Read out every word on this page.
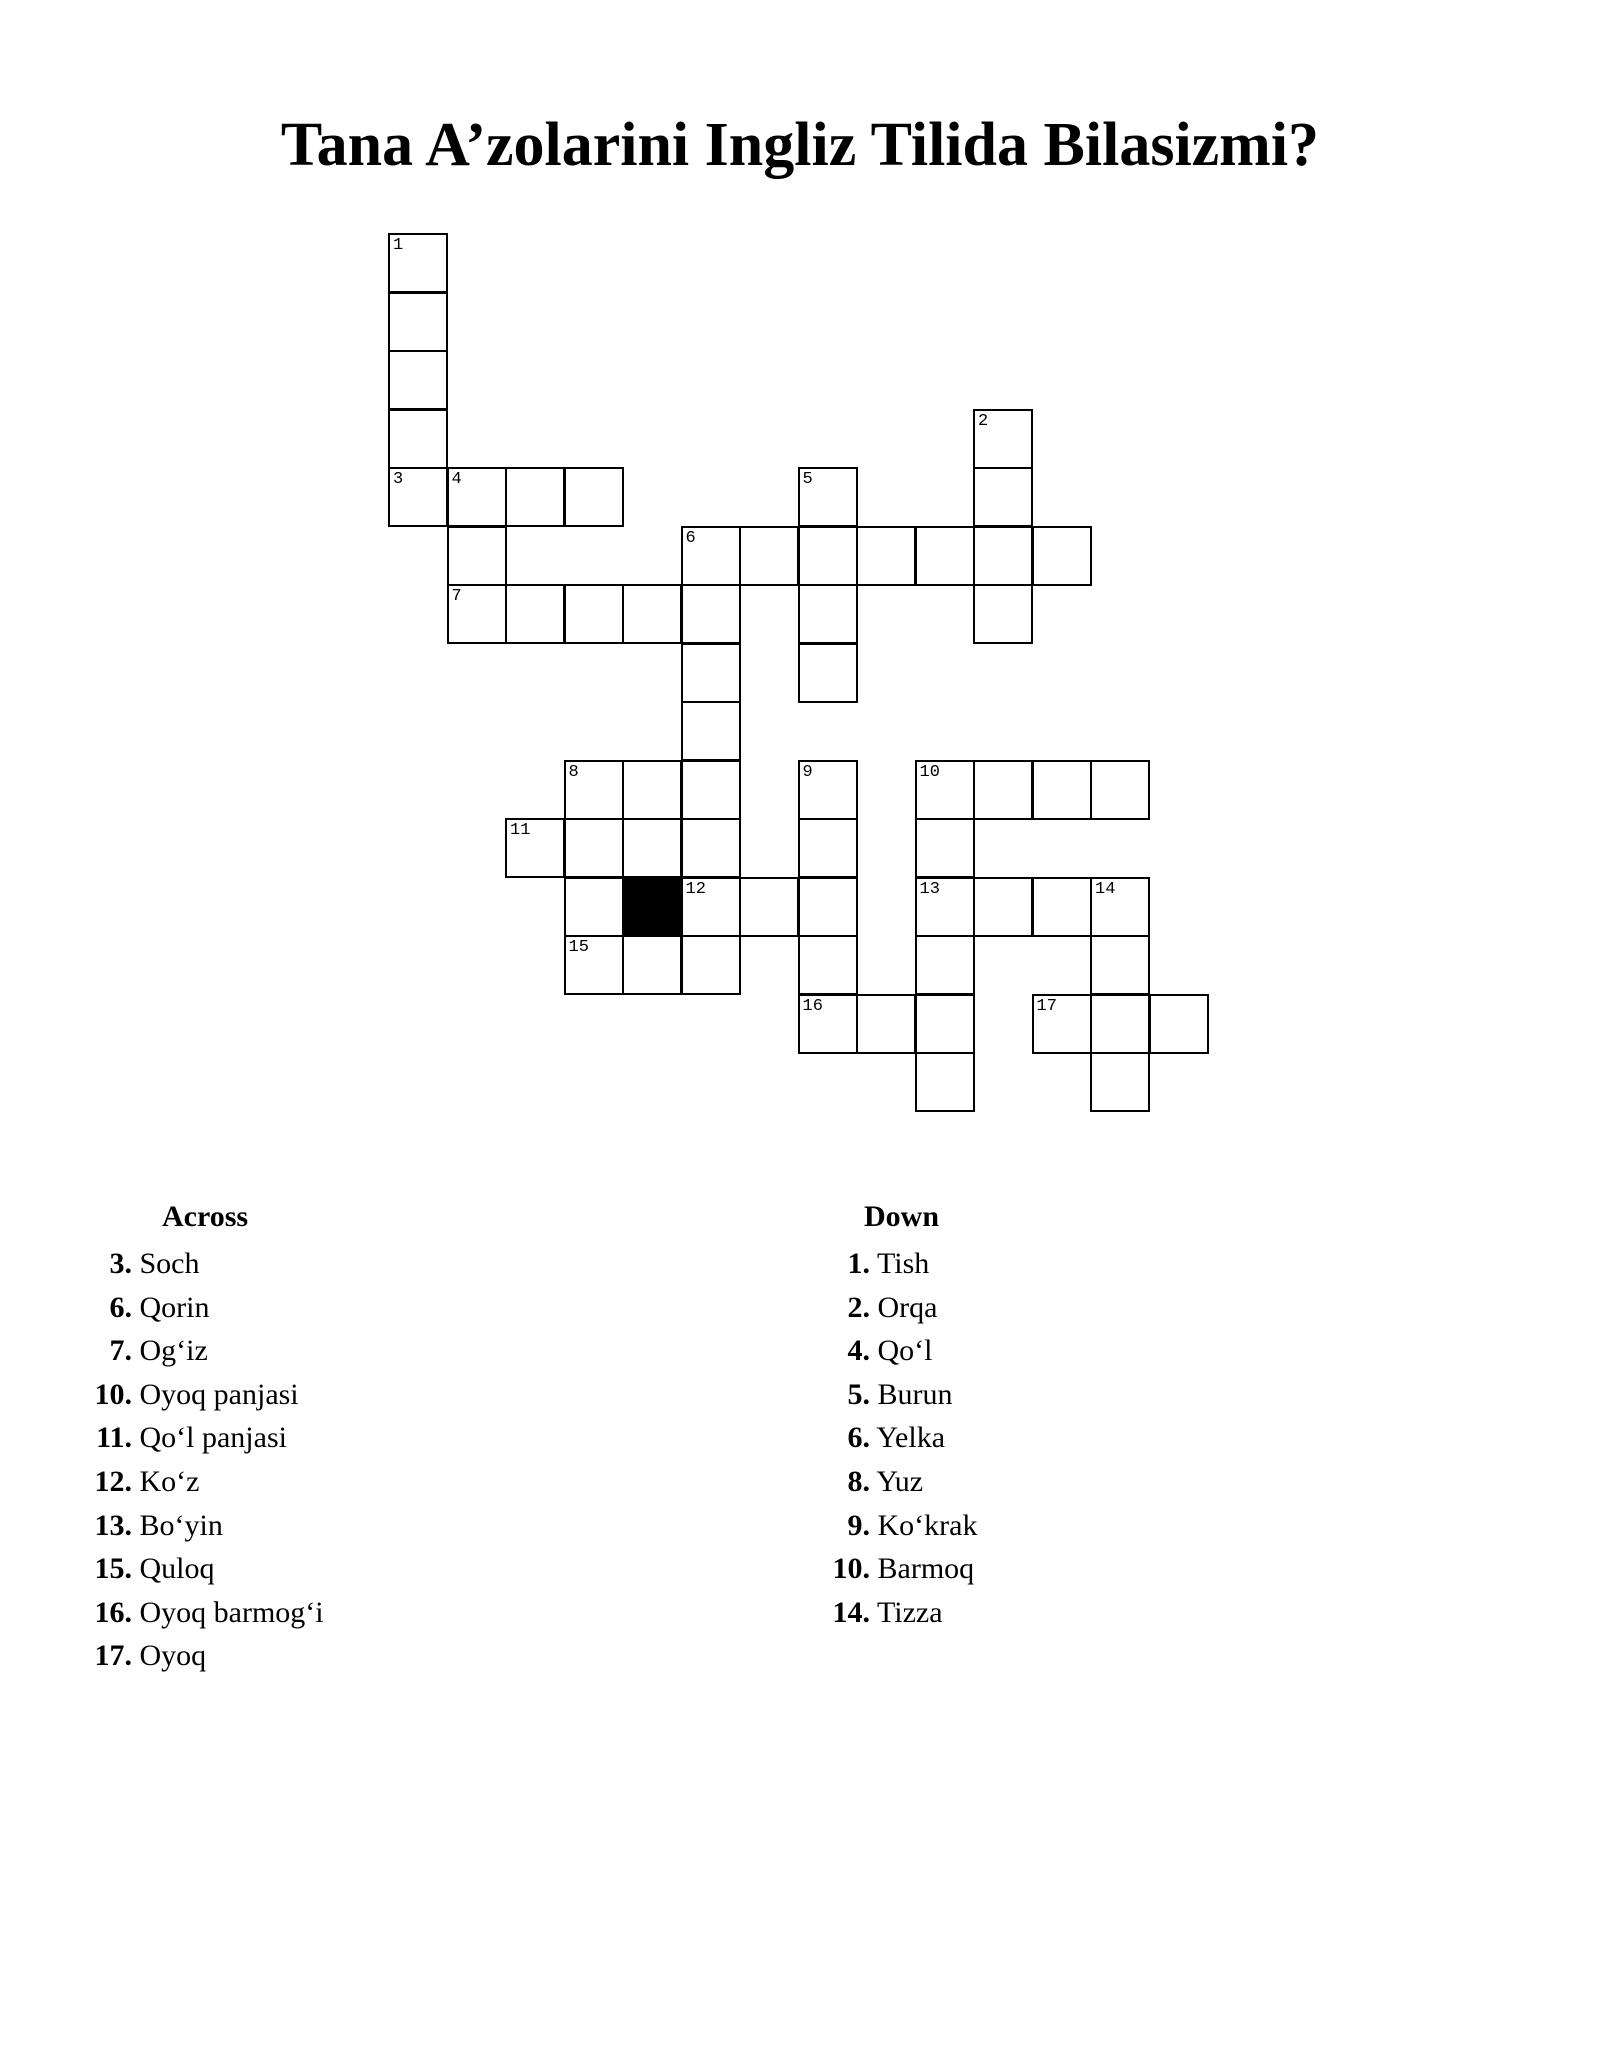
Tana A’zolarini Ingliz Tilida Bilasizmi?
1
2
3	4	5
6
7
8	9	10
11
12	13	14
15
16	17
Across
3. Soch
6. Qorin
7. Og‘iz
10. Oyoq panjasi
11. Qo‘l panjasi
12. Ko‘z
13. Bo‘yin
15. Quloq
16. Oyoq barmog‘i
17. Oyoq
Down
1. Tish
2. Orqa
4. Qo‘l
5. Burun
6. Yelka
8. Yuz
9. Ko‘krak
10. Barmoq
14. Tizza
